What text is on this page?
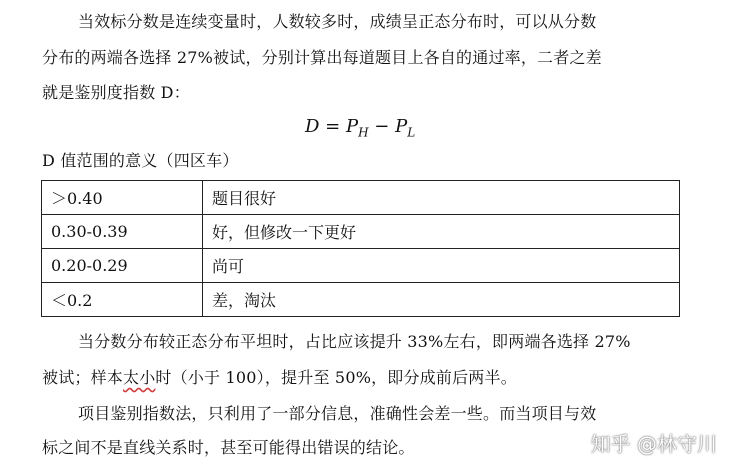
当效标分数是连续变量时，人数较多时，成绩呈正态分布时，可以从分数
分布的两端各选择 27%被试，分别计算出每道题目上各自的通过率，二者之差
就是鉴别度指数 D：
$D = P_H - P_L$
D 值范围的意义（四区车）
＞0.40	题目很好
0.30-0.39	好，但修改一下更好
0.20-0.29	尚可
＜0.2	差，淘汰
当分数分布较正态分布平坦时，占比应该提升 33%左右，即两端各选择 27%
被试；样本太小时（小于 100），提升至 50%，即分成前后两半。
项目鉴别指数法，只利用了一部分信息，准确性会差一些。而当项目与效
标之间不是直线关系时，甚至可能得出错误的结论。	知乎 @林守川
